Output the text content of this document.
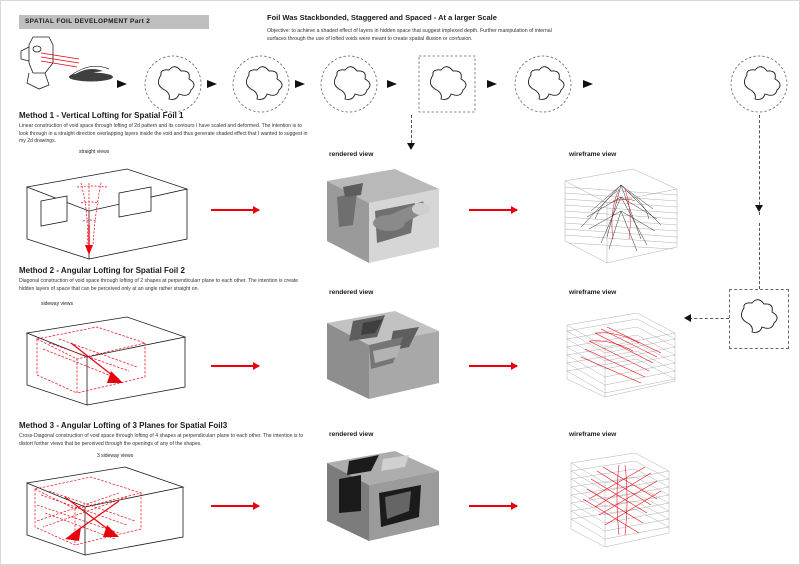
SPATIAL FOIL DEVELOPMENT Part 2	Foil Was Stackbonded, Staggered and Spaced - At a larger Scale
Objective: to achieve a shaded effect of layers in hidden space that suggest implexed depth. Further manipulation of internal surfaces through the use of lofted voids were meant to create spatial illusion or confusion.
Method 1 - Vertical Lofting for Spatial Foil 1
Linear construction of void space through lofting of 2d pattern and its contours I have scaled and deformed. The intention is to look through in a straight direction overlapping layers inside the void and thus generate shaded effect that I wanted to suggest in my 2d drawings.
straight views	rendered view	wireframe view
Method 2 - Angular Lofting for Spatial Foil 2
Diagonal construction of void space through lofting of 2 shapes at perpendicularr plane to each other. The intention is create hidden layers of space that can be perceived only at an angle rather straight on.
sideway views
rendered view	wireframe view
Method 3 - Angular Lofting of 3 Planes for Spatial Foil3
Cross-Diagonal construction of void space through lofting of 4 shapes at perpendicularr plane to each other. The intention is to distort further views that be perceived through the openings of any of the shapes.
3 sideway views
rendered view	wireframe view
